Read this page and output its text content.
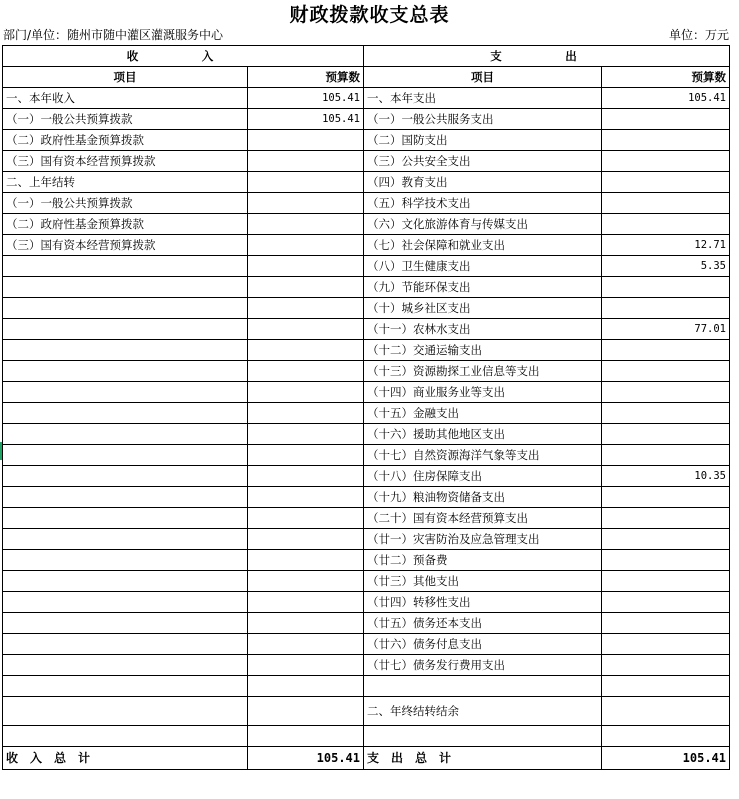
财政拨款收支总表
部门/单位：随州市随中灌区灌溉服务中心	单位：万元
收　入		支　出	
项目	预算数	项目	预算数
一、本年收入	105.41	一、本年支出	105.41
（一）一般公共预算拨款	105.41	（一）一般公共服务支出	
（二）政府性基金预算拨款		（二）国防支出	
（三）国有资本经营预算拨款		（三）公共安全支出	
二、上年结转		（四）教育支出	
（一）一般公共预算拨款		（五）科学技术支出	
（二）政府性基金预算拨款		（六）文化旅游体育与传媒支出	
（三）国有资本经营预算拨款		（七）社会保障和就业支出	12.71
		（八）卫生健康支出	5.35
		（九）节能环保支出	
		（十）城乡社区支出	
		（十一）农林水支出	77.01
		（十二）交通运输支出	
		（十三）资源勘探工业信息等支出	
		（十四）商业服务业等支出	
		（十五）金融支出	
		（十六）援助其他地区支出	
		（十七）自然资源海洋气象等支出	
		（十八）住房保障支出	10.35
		（十九）粮油物资储备支出	
		（二十）国有资本经营预算支出	
		（廿一）灾害防治及应急管理支出	
		（廿二）预备费	
		（廿三）其他支出	
		（廿四）转移性支出	
		（廿五）债务还本支出	
		（廿六）债务付息支出	
		（廿七）债务发行费用支出	

		二、年终结转结余	

收入总计	105.41	支出总计	105.41
